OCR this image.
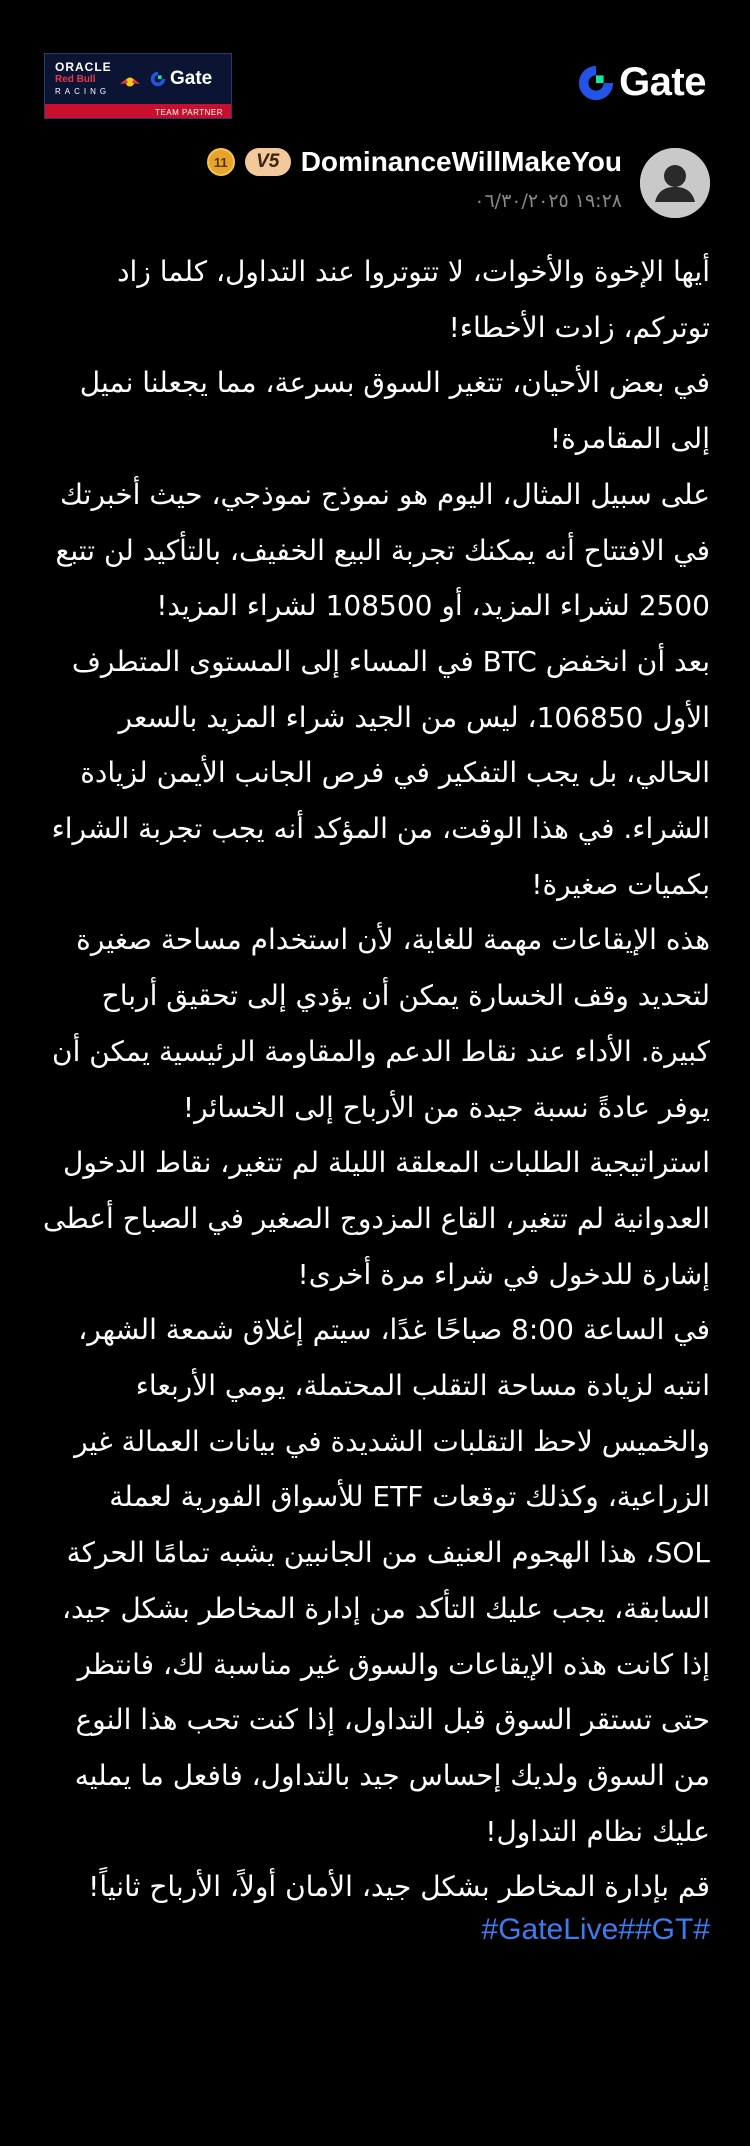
ORACLE
Red Bull
RACING
Gate
TEAM PARTNER
Gate
11	V5 DominanceWillMakeYou
١٩:٢٨ ٠٦/٣٠/٢٠٢٥

أيها الإخوة والأخوات، لا تتوتروا عند التداول، كلما زاد توتركم، زادت الأخطاء!

في بعض الأحيان، تتغير السوق بسرعة، مما يجعلنا نميل إلى المقامرة!

على سبيل المثال، اليوم هو نموذج نموذجي، حيث أخبرتك في الافتتاح أنه يمكنك تجربة البيع الخفيف، بالتأكيد لن تتبع 2500 لشراء المزيد، أو 108500 لشراء المزيد!

بعد أن انخفض BTC في المساء إلى المستوى المتطرف الأول 106850، ليس من الجيد شراء المزيد بالسعر الحالي، بل يجب التفكير في فرص الجانب الأيمن لزيادة الشراء. في هذا الوقت، من المؤكد أنه يجب تجربة الشراء بكميات صغيرة!

هذه الإيقاعات مهمة للغاية، لأن استخدام مساحة صغيرة لتحديد وقف الخسارة يمكن أن يؤدي إلى تحقيق أرباح كبيرة. الأداء عند نقاط الدعم والمقاومة الرئيسية يمكن أن يوفر عادةً نسبة جيدة من الأرباح إلى الخسائر!

استراتيجية الطلبات المعلقة الليلة لم تتغير، نقاط الدخول العدوانية لم تتغير، القاع المزدوج الصغير في الصباح أعطى إشارة للدخول في شراء مرة أخرى!

في الساعة 8:00 صباحًا غدًا، سيتم إغلاق شمعة الشهر، انتبه لزيادة مساحة التقلب المحتملة، يومي الأربعاء والخميس لاحظ التقلبات الشديدة في بيانات العمالة غير الزراعية، وكذلك توقعات ETF للأسواق الفورية لعملة SOL، هذا الهجوم العنيف من الجانبين يشبه تمامًا الحركة السابقة، يجب عليك التأكد من إدارة المخاطر بشكل جيد، إذا كانت هذه الإيقاعات والسوق غير مناسبة لك، فانتظر حتى تستقر السوق قبل التداول، إذا كنت تحب هذا النوع من السوق ولديك إحساس جيد بالتداول، فافعل ما يمليه عليك نظام التداول!

قم بإدارة المخاطر بشكل جيد، الأمان أولاً، الأرباح ثانياً!

#GateLive# #GT#
